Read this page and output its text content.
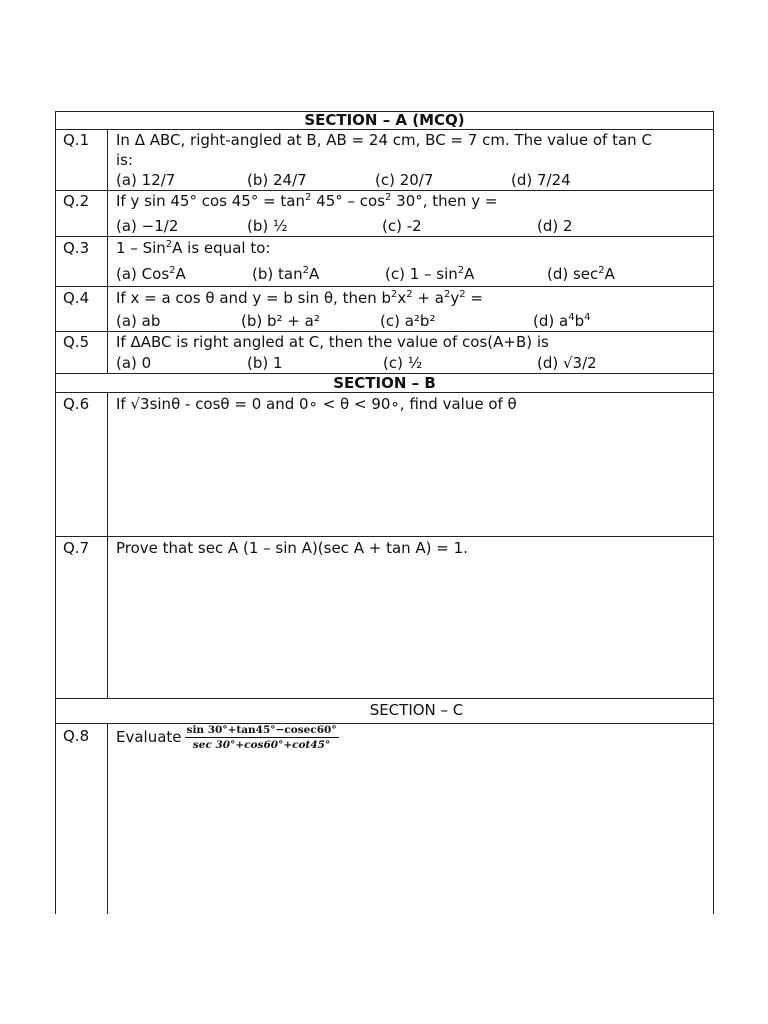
SECTION – A (MCQ)
Q.1 In Δ ABC, right-angled at B, AB = 24 cm, BC = 7 cm. The value of tan C
is:
(a) 12/7	(b) 24/7	(c) 20/7	(d) 7/24
Q.2 If y sin 45° $\cos 45^\circ = \tan^2 45^\circ - \cos^2 30^\circ$, then y =
(a) −1/2	(b) ½	(c) -2	(d) 2
Q.3 1 – Sin$^2$A is equal to:
(a) Cos$^2$A	(b) $\tan^2A$	(c) $1 - \sin^2A$	(d) $\sec^2A$
Q.4 If x = a cos θ and y = b sin θ, then $b^2x^2 + a^2y^2$ =
(a) ab	(b) b² + a²	(c) a²b²	(d) $a^4b^4$
Q.5 If ΔABC is right angled at C, then the value of cos(A+B) is
(a) 0	(b) 1	(c) ½	(d) √3/2
SECTION – B
Q.6 If √3sinθ - cosθ = 0 and 0∘ < θ < 90∘, find value of θ
Q.7 Prove that sec A (1 – sin A)(sec A + tan A) = 1.
SECTION – C
Q.8 Evaluate $\frac{\sin 30^\circ+\tan 45^\circ-cosec60^\circ}{\sec 30^\circ+\cos 60^\circ+\cot 45^\circ}$
